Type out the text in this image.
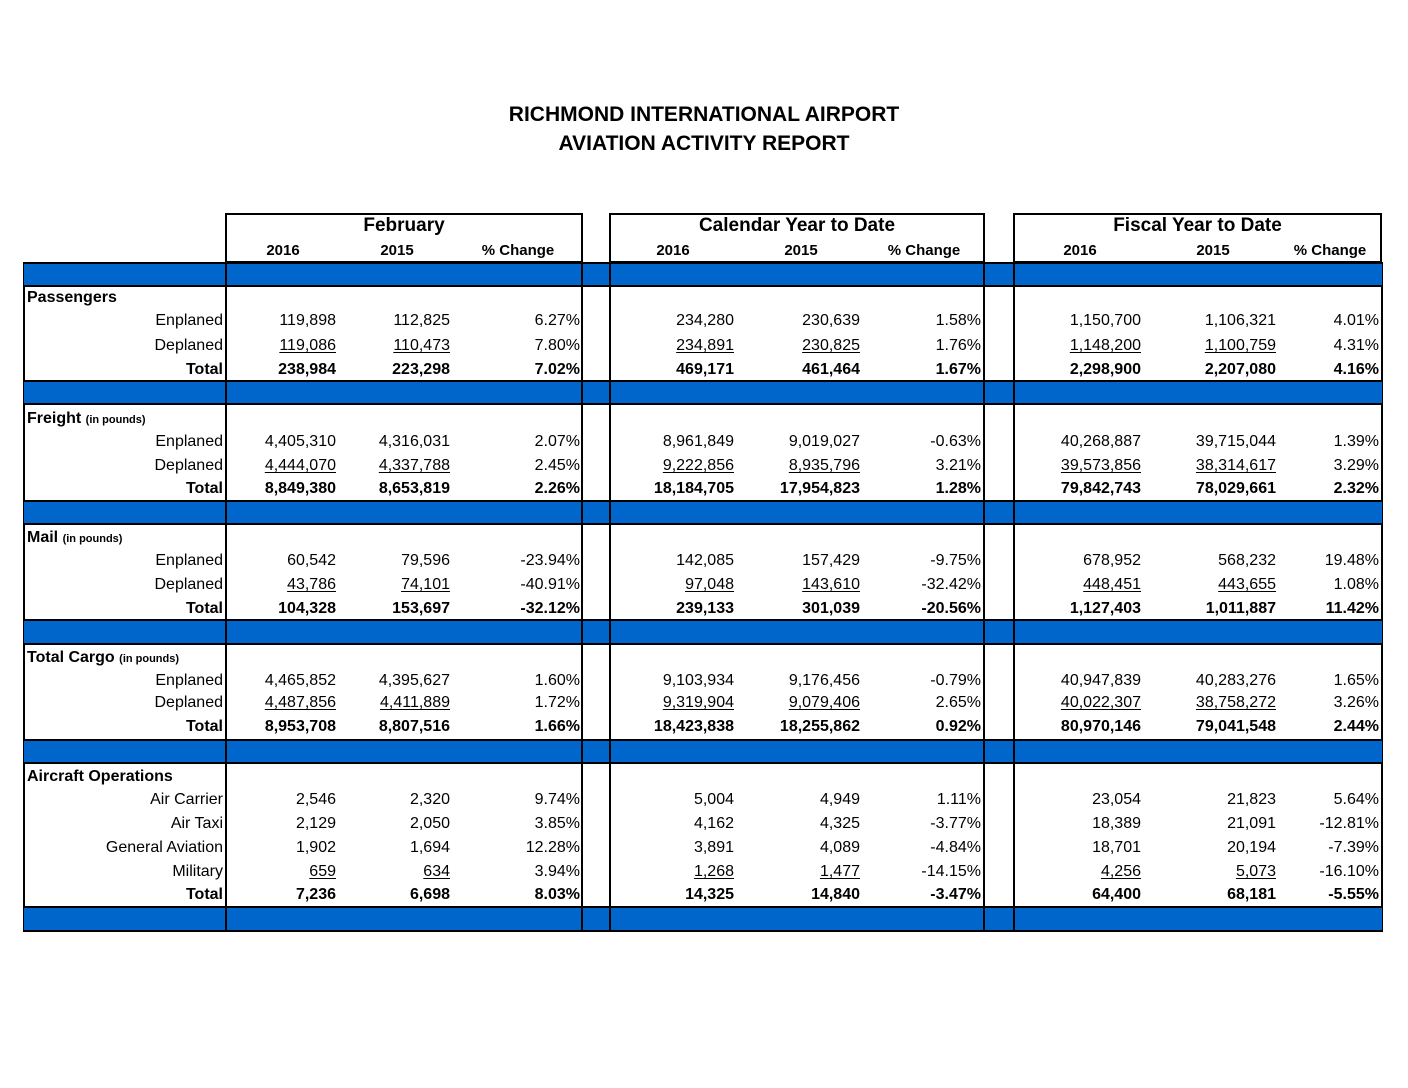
RICHMOND INTERNATIONAL AIRPORT
AVIATION ACTIVITY REPORT
February	Calendar Year to Date	Fiscal Year to Date
2016	2015	% Change	2016	2015	% Change	2016	2015	% Change
Passengers
Enplaned	119,898	112,825	6.27%	234,280	230,639	1.58%	1,150,700	1,106,321	4.01%
Deplaned	119,086	110,473	7.80%	234,891	230,825	1.76%	1,148,200	1,100,759	4.31%
Total	238,984	223,298	7.02%	469,171	461,464	1.67%	2,298,900	2,207,080	4.16%
Freight (in pounds)
Enplaned	4,405,310	4,316,031	2.07%	8,961,849	9,019,027	-0.63%	40,268,887	39,715,044	1.39%
Deplaned	4,444,070	4,337,788	2.45%	9,222,856	8,935,796	3.21%	39,573,856	38,314,617	3.29%
Total	8,849,380	8,653,819	2.26%	18,184,705	17,954,823	1.28%	79,842,743	78,029,661	2.32%
Mail (in pounds)
Enplaned	60,542	79,596	-23.94%	142,085	157,429	-9.75%	678,952	568,232	19.48%
Deplaned	43,786	74,101	-40.91%	97,048	143,610	-32.42%	448,451	443,655	1.08%
Total	104,328	153,697	-32.12%	239,133	301,039	-20.56%	1,127,403	1,011,887	11.42%
Total Cargo (in pounds)
Enplaned	4,465,852	4,395,627	1.60%	9,103,934	9,176,456	-0.79%	40,947,839	40,283,276	1.65%
Deplaned	4,487,856	4,411,889	1.72%	9,319,904	9,079,406	2.65%	40,022,307	38,758,272	3.26%
Total	8,953,708	8,807,516	1.66%	18,423,838	18,255,862	0.92%	80,970,146	79,041,548	2.44%
Aircraft Operations
Air Carrier	2,546	2,320	9.74%	5,004	4,949	1.11%	23,054	21,823	5.64%
Air Taxi	2,129	2,050	3.85%	4,162	4,325	-3.77%	18,389	21,091	-12.81%
General Aviation	1,902	1,694	12.28%	3,891	4,089	-4.84%	18,701	20,194	-7.39%
Military	659	634	3.94%	1,268	1,477	-14.15%	4,256	5,073	-16.10%
Total	7,236	6,698	8.03%	14,325	14,840	-3.47%	64,400	68,181	-5.55%
